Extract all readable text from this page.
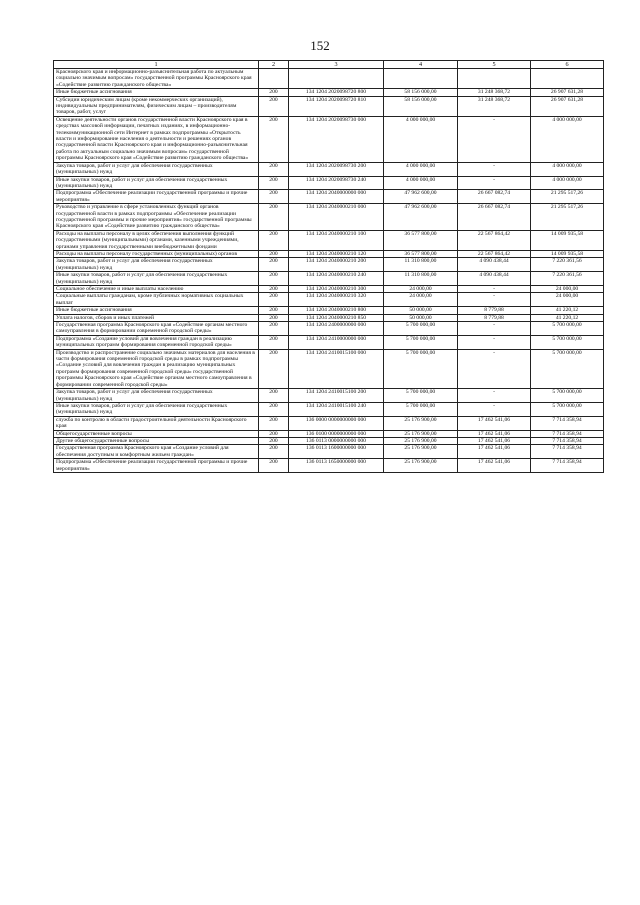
152
1	2	3	4	5	6
Красноярского края и информационно-разъяснительная работа по актуальным социально значимым вопросам» государственной программы Красноярского края «Содействие развитию гражданского общества»					
Иные бюджетные ассигнования	200	134 1204 2020098720 800	58 156 000,00	31 248 368,72	26 907 631,28
Субсидии юридическим лицам (кроме некоммерческих организаций), индивидуальным предпринимателям, физическим лицам – производителям товаров, работ, услуг	200	134 1204 2020098720 810	58 156 000,00	31 248 368,72	26 907 631,28
Освещение деятельности органов государственной власти Красноярского края в средствах массовой информации, печатных изданиях, в информационно-телекоммуникационной сети Интернет в рамках подпрограммы «Открытость власти и информирование населения о деятельности и решениях органов государственной власти Красноярского края и информационно-разъяснительная работа по актуальным социально значимым вопросам» государственной программы Красноярского края «Содействие развитию гражданского общества»	200	134 1204 2020098730 000	4 000 000,00	-	4 000 000,00
Закупка товаров, работ и услуг для обеспечения государственных (муниципальных) нужд	200	134 1204 2020098730 200	4 000 000,00	-	4 000 000,00
Иные закупки товаров, работ и услуг для обеспечения государственных (муниципальных) нужд	200	134 1204 2020098730 240	4 000 000,00	-	4 000 000,00
Подпрограмма «Обеспечение реализации государственной программы и прочие мероприятия»	200	134 1204 2040000000 000	47 962 600,00	26 667 082,74	21 295 517,26
Руководство и управление в сфере установленных функций органов государственной власти в рамках подпрограммы «Обеспечение реализации государственной программы и прочие мероприятия» государственной программы Красноярского края «Содействие развитию гражданского общества»	200	134 1204 2040000210 000	47 962 600,00	26 667 082,74	21 295 517,26
Расходы на выплаты персоналу в целях обеспечения выполнения функций государственными (муниципальными) органами, казенными учреждениями, органами управления государственными внебюджетными фондами	200	134 1204 2040000210 100	36 577 800,00	22 567 864,42	14 009 935,58
Расходы на выплаты персоналу государственных (муниципальных) органов	200	134 1204 2040000210 120	36 577 800,00	22 567 864,42	14 009 935,58
Закупка товаров, работ и услуг для обеспечения государственных (муниципальных) нужд	200	134 1204 2040000210 200	11 310 800,00	4 090 438,44	7 220 361,56
Иные закупки товаров, работ и услуг для обеспечения государственных (муниципальных) нужд	200	134 1204 2040000210 240	11 310 800,00	4 090 438,44	7 220 361,56
Социальное обеспечение и иные выплаты населению	200	134 1204 2040000210 300	24 000,00	-	24 000,00
Социальные выплаты гражданам, кроме публичных нормативных социальных выплат	200	134 1204 2040000210 320	24 000,00	-	24 000,00
Иные бюджетные ассигнования	200	134 1204 2040000210 800	50 000,00	8 779,88	41 220,12
Уплата налогов, сборов и иных платежей	200	134 1204 2040000210 850	50 000,00	8 779,88	41 220,12
Государственная программа Красноярского края «Содействие органам местного самоуправления в формировании современной городской среды»	200	134 1204 2400000000 000	5 700 000,00	-	5 700 000,00
Подпрограмма «Создание условий для вовлечения граждан в реализацию муниципальных программ формирования современной городской среды»	200	134 1204 2410000000 000	5 700 000,00	-	5 700 000,00
Производство и распространение социально значимых материалов для населения в части формирования современной городской среды в рамках подпрограммы «Создание условий для вовлечения граждан в реализацию муниципальных программ формирования современной городской среды» государственной программы Красноярского края «Содействие органам местного самоуправления в формировании современной городской среды»	200	134 1204 2410015100 000	5 700 000,00	-	5 700 000,00
Закупка товаров, работ и услуг для обеспечения государственных (муниципальных) нужд	200	134 1204 2410015100 200	5 700 000,00	-	5 700 000,00
Иные закупки товаров, работ и услуг для обеспечения государственных (муниципальных) нужд	200	134 1204 2410015100 240	5 700 000,00	-	5 700 000,00
служба по контролю в области градостроительной деятельности Красноярского края	200	136 0000 0000000000 000	25 176 900,00	17 462 541,06	7 714 358,94
Общегосударственные вопросы	200	136 0100 0000000000 000	25 176 900,00	17 462 541,06	7 714 358,94
Другие общегосударственные вопросы	200	136 0113 0000000000 000	25 176 900,00	17 462 541,06	7 714 358,94
Государственная программа Красноярского края «Создание условий для обеспечения доступным и комфортным жильем граждан»	200	136 0113 1600000000 000	25 176 900,00	17 462 541,06	7 714 358,94
Подпрограмма «Обеспечение реализации государственной программы и прочие мероприятия»	200	136 0113 1650000000 000	25 176 900,00	17 462 541,06	7 714 358,94
